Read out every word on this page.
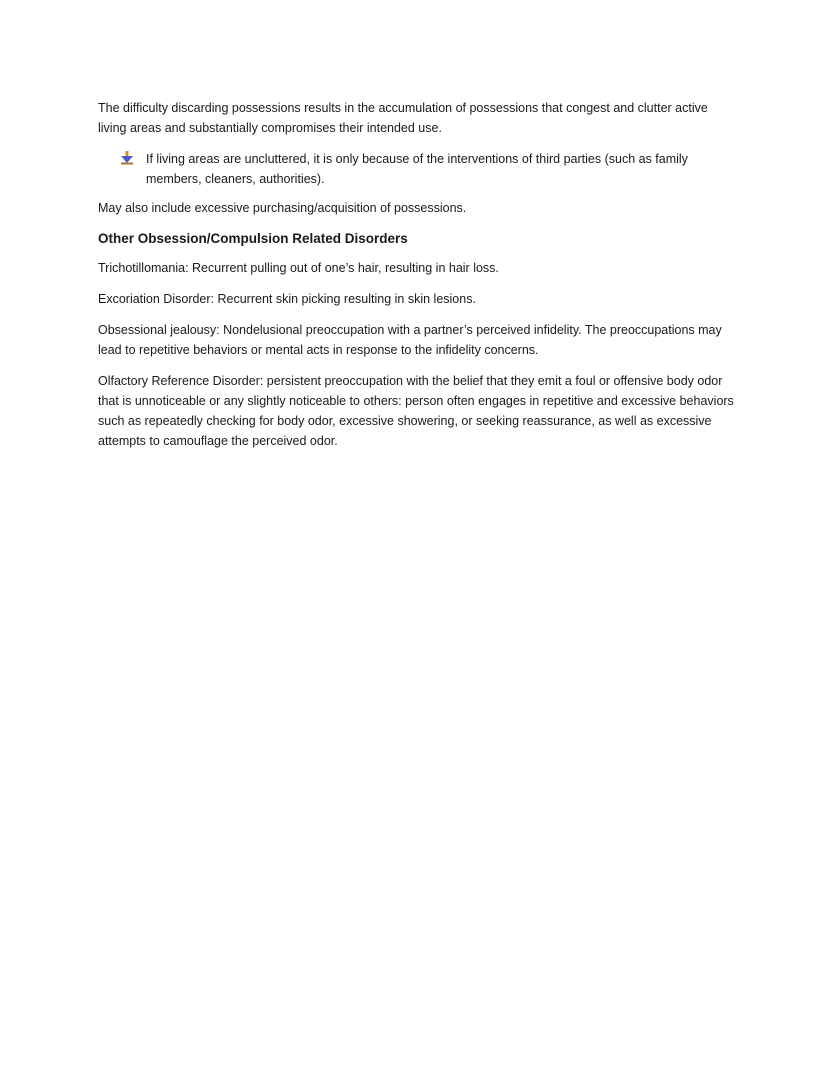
The difficulty discarding possessions results in the accumulation of possessions that congest and clutter active living areas and substantially compromises their intended use.

If living areas are uncluttered, it is only because of the interventions of third parties (such as family members, cleaners, authorities).

May also include excessive purchasing/acquisition of possessions.

Other Obsession/Compulsion Related Disorders

Trichotillomania: Recurrent pulling out of one’s hair, resulting in hair loss.

Excoriation Disorder: Recurrent skin picking resulting in skin lesions.

Obsessional jealousy: Nondelusional preoccupation with a partner’s perceived infidelity. The preoccupations may lead to repetitive behaviors or mental acts in response to the infidelity concerns.

Olfactory Reference Disorder: persistent preoccupation with the belief that they emit a foul or offensive body odor that is unnoticeable or any slightly noticeable to others: person often engages in repetitive and excessive behaviors such as repeatedly checking for body odor, excessive showering, or seeking reassurance, as well as excessive attempts to camouflage the perceived odor.
